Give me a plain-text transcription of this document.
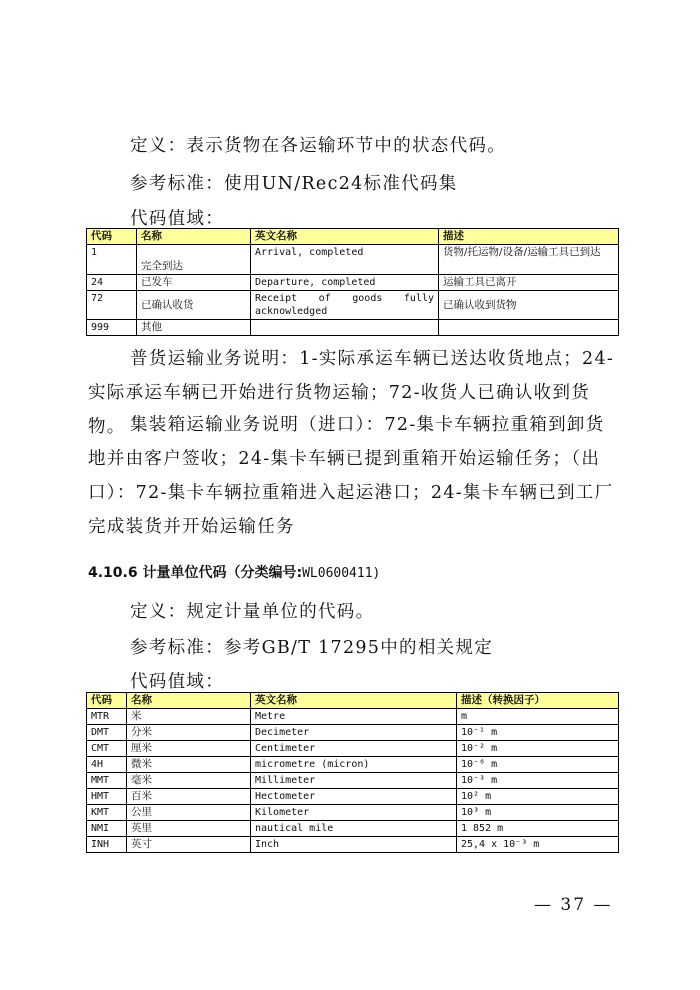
定义：表示货物在各运输环节中的状态代码。
参考标准：使用UN/Rec24标准代码集
代码值域：
代码	名称	英文名称	描述
1	完全到达	Arrival, completed	货物/托运物/设备/运输工具已到达
24	已发车	Departure, completed	运输工具已离开
72	已确认收货	Receipt of goods fully acknowledged	已确认收到货物
999	其他		

普货运输业务说明：1-实际承运车辆已送达收货地点；24-实际承运车辆已开始进行货物运输；72-收货人已确认收到货物。 集装箱运输业务说明（进口）：72-集卡车辆拉重箱到卸货地并由客户签收；24-集卡车辆已提到重箱开始运输任务；（出口）：72-集卡车辆拉重箱进入起运港口；24-集卡车辆已到工厂完成装货并开始运输任务

4.10.6 计量单位代码（分类编号:WL0600411)
定义：规定计量单位的代码。
参考标准：参考GB/T 17295中的相关规定
代码值域：
代码	名称	英文名称	描述（转换因子）
MTR	米	Metre	m
DMT	分米	Decimeter	10⁻¹ m
CMT	厘米	Centimeter	10⁻² m
4H	微米	micrometre (micron)	10⁻⁶ m
MMT	毫米	Millimeter	10⁻³ m
HMT	百米	Hectometer	10² m
KMT	公里	Kilometer	10³ m
NMI	英里	nautical mile	1 852 m
INH	英寸	Inch	25,4 x 10⁻³ m
— 37 —
